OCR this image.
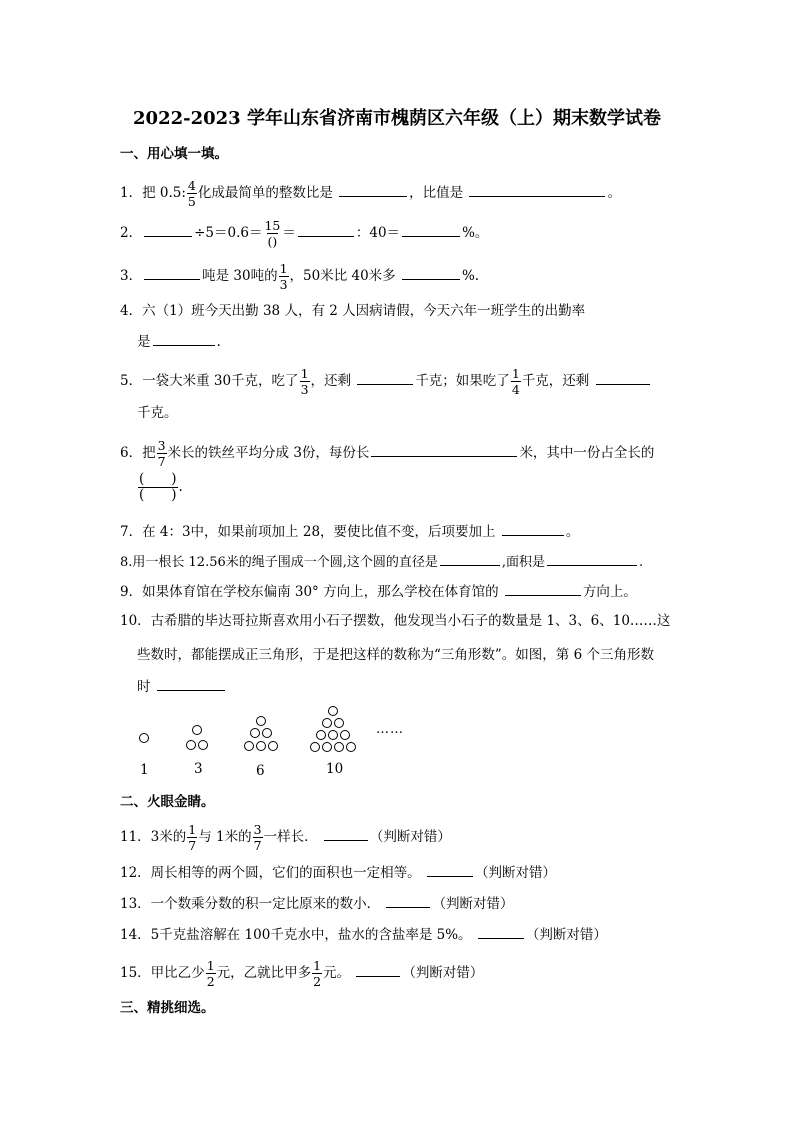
2022-2023 学年山东省济南市槐荫区六年级（上）期末数学试卷
一、用心填一填。
1．把 0.5: $\frac{4}{5}$ 化成最简单的整数比是	，比值是	。
2．	$\div 5=0.6= \frac{15}{()}$ ＝	：40＝	%。
3．	吨是 30吨的 $\frac{1}{3}$ ，50米比 40米多	%.
4．六（1）班今天出勤 38 人，有 2 人因病请假，今天六年一班学生的出勤率
是	.
5．一袋大米重 30千克，吃了 $\frac{1}{3}$ ，还剩	千克；如果吃了 $\frac{1}{4}$ 千克，还剩
千克。
6．把 $\frac{3}{7}$ 米长的铁丝平均分成 3份，每份长	米，其中一份占全长的
$\frac{( )}{( )}$ .
7．在 4：3中，如果前项加上 28，要使比值不变，后项要加上	。
8.用一根长 12.56米的绳子围成一个圆,这个圆的直径是	,面积是	.
9．如果体育馆在学校东偏南 30° 方向上，那么学校在体育馆的	方向上。
10．古希腊的毕达哥拉斯喜欢用小石子摆数，他发现当小石子的数量是 1、3、6、10……这
些数时，都能摆成正三角形，于是把这样的数称为“三角形数”。如图，第 6 个三角形数
时
……
1	3	6	10
二、火眼金睛。
11．3米的 $\frac{1}{7}$ 与 1米的 $\frac{3}{7}$ 一样长．	（判断对错）
12．周长相等的两个圆，它们的面积也一定相等。	（判断对错）
13．一个数乘分数的积一定比原来的数小．	（判断对错）
14．5千克盐溶解在 100千克水中，盐水的含盐率是 5%。	（判断对错）
15．甲比乙少 $\frac{1}{2}$ 元，乙就比甲多 $\frac{1}{2}$ 元。	（判断对错）
三、精挑细选。
